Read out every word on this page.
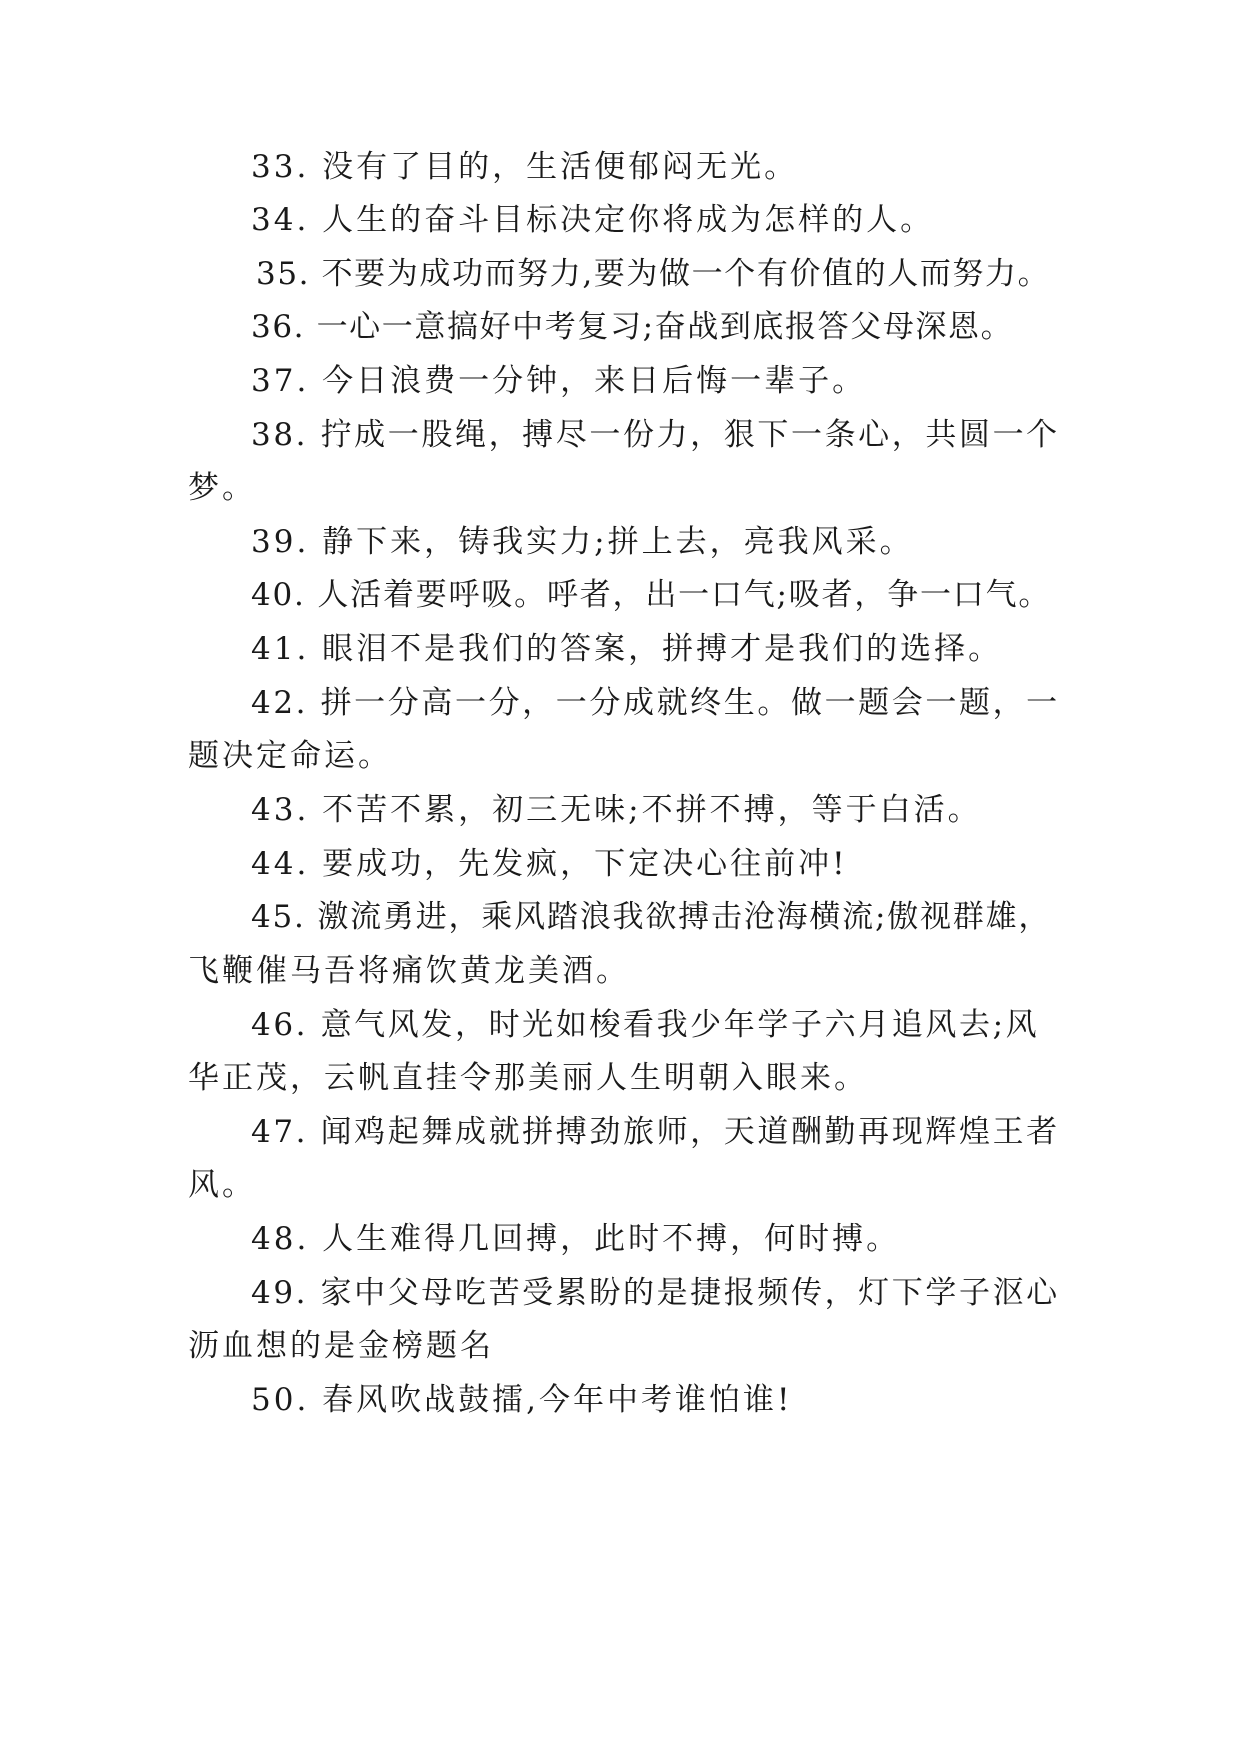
33. 没有了目的，生活便郁闷无光。
34. 人生的奋斗目标决定你将成为怎样的人。
35. 不要为成功而努力,要为做一个有价值的人而努力。
36. 一心一意搞好中考复习;奋战到底报答父母深恩。
37. 今日浪费一分钟，来日后悔一辈子。
38. 拧成一股绳，搏尽一份力，狠下一条心，共圆一个
梦。
39. 静下来，铸我实力;拼上去，亮我风采。
40. 人活着要呼吸。呼者，出一口气;吸者，争一口气。
41. 眼泪不是我们的答案，拼搏才是我们的选择。
42. 拼一分高一分，一分成就终生。做一题会一题，一
题决定命运。
43. 不苦不累，初三无味;不拼不搏，等于白活。
44. 要成功，先发疯，下定决心往前冲!
45. 激流勇进，乘风踏浪我欲搏击沧海横流;傲视群雄，
飞鞭催马吾将痛饮黄龙美酒。
46. 意气风发，时光如梭看我少年学子六月追风去;风
华正茂，云帆直挂令那美丽人生明朝入眼来。
47. 闻鸡起舞成就拼搏劲旅师，天道酬勤再现辉煌王者
风。
48. 人生难得几回搏，此时不搏，何时搏。
49. 家中父母吃苦受累盼的是捷报频传，灯下学子沤心
沥血想的是金榜题名
50. 春风吹战鼓擂,今年中考谁怕谁!
